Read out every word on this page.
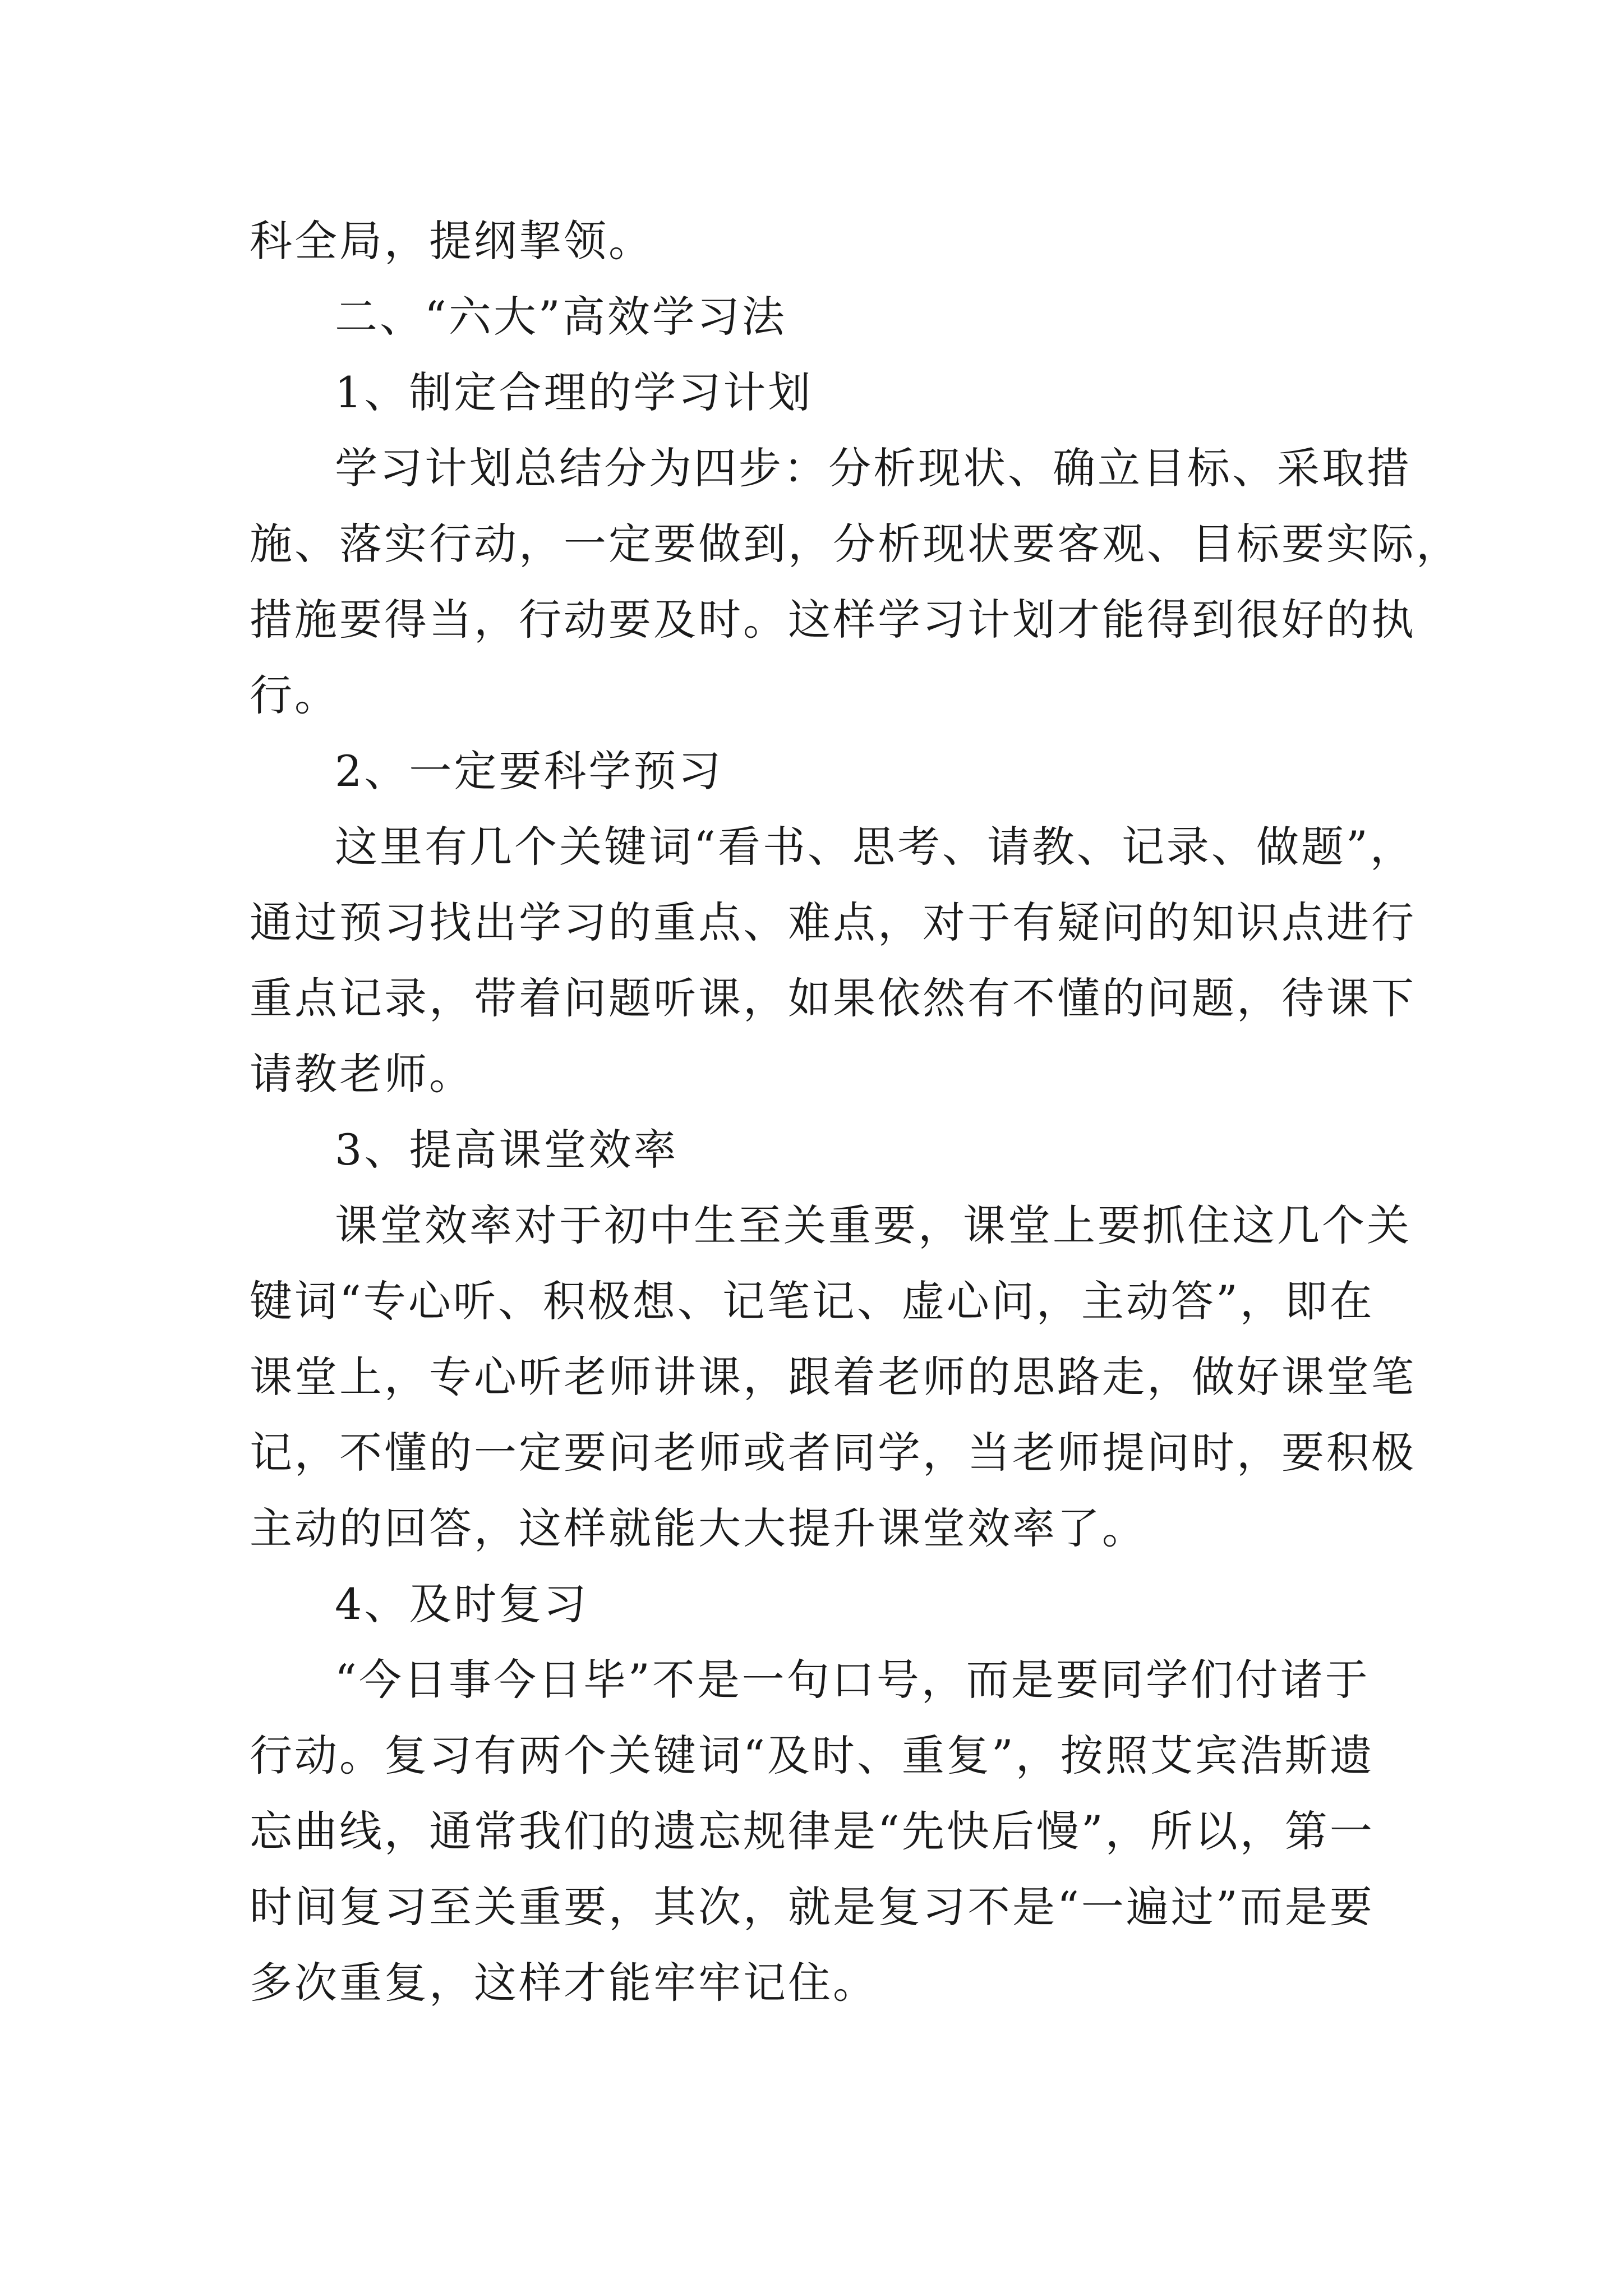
科全局，提纲挈领。
二、“六大”高效学习法
1、制定合理的学习计划
学习计划总结分为四步：分析现状、确立目标、采取措
施、落实行动，一定要做到，分析现状要客观、目标要实际，
措施要得当，行动要及时。这样学习计划才能得到很好的执
行。
2、一定要科学预习
这里有几个关键词“看书、思考、请教、记录、做题”，
通过预习找出学习的重点、难点，对于有疑问的知识点进行
重点记录，带着问题听课，如果依然有不懂的问题，待课下
请教老师。
3、提高课堂效率
课堂效率对于初中生至关重要，课堂上要抓住这几个关
键词“专心听、积极想、记笔记、虚心问，主动答”，即在
课堂上，专心听老师讲课，跟着老师的思路走，做好课堂笔
记，不懂的一定要问老师或者同学，当老师提问时，要积极
主动的回答，这样就能大大提升课堂效率了。
4、及时复习
“今日事今日毕”不是一句口号，而是要同学们付诸于
行动。复习有两个关键词“及时、重复”，按照艾宾浩斯遗
忘曲线，通常我们的遗忘规律是“先快后慢”，所以，第一
时间复习至关重要，其次，就是复习不是“一遍过”而是要
多次重复，这样才能牢牢记住。
